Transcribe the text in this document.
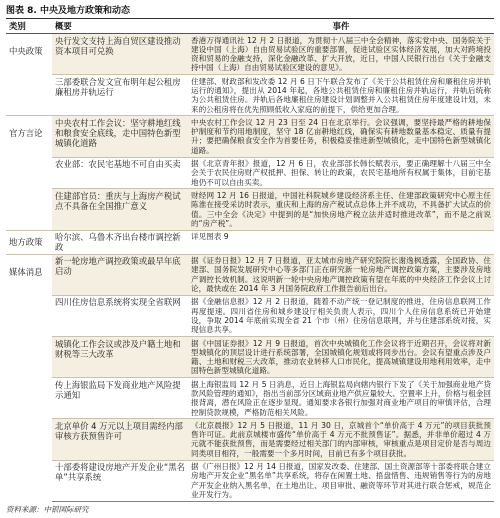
图表 8. 中央及地方政策和动态
类别	概要	事件
中央政策	央行发文支持上海自贸区建设推动资本项目可兑换	香港万得通讯社 12 月 2 日报道，为贯彻十八届三中全会精神，落实党中央、国务院关于建设中国（上海）自由贸易试验区的重要部署，促进试验区实体经济发展，加大对跨境投资和贸易的金融支持，深化金融改革、扩大开放，近日，中国人民银行出台《关于金融支持中国（上海）自由贸易试验区建设的意见》。
	三部委联合发文宣布明年起公租房廉租房并轨运行	住建部、财政部和发改委 12 月 6 日下午联合发布了《关于公共租赁住房和廉租住房并轨运行的通知》，提出从 2014 年起，各地公共租赁住房和廉租住房并轨运行，并轨后统称为公共租赁住房。并轨后各地廉租住房建设计划调整并入公共租赁住房年度建设计划，未来的公租房将在优先照顾低收入家庭的前提下，供给更加合理。
官方言论	中央农村工作会议：坚守耕地红线和粮食安全底线，走中国特色新型城镇化道路	中央农村工作会议 12 月 23 日至 24 日在北京举行。会议强调，要坚持最严格的耕地保护制度和节约用地制度，坚守 18 亿亩耕地红线，确保实有耕地数量基本稳定、质量有提升；要把确保粮食安全作为首要任务，积极稳妥推进新型城镇化，走中国特色新型城镇化道路。
	农业部：农民宅基地不可自由买卖	据《北京青年报》报道，12 月 6 日，农业部部长韩长赋表示，要正确理解十八届三中全会关于农民住房财产权抵押、担保、转让的政策，农民宅基地所有权属于集体，目前宅基地仍不可以自由买卖。
	住建部官员：重庆与上海房产税试点不具备在全国推广意义	财经网 12 月 16 日报道，中国社科院城乡建设经济系主任、住建部政策研究中心原主任陈淮在接受采访时表示，重庆和上海的房产税试点总体上并不成功，不具备扩大试点的价值。三中全会《决定》中提到的是“加快房地产税立法并适时推进改革”，而不是之前说的“房产税”。
地方政策	哈尔滨、乌鲁木齐出台楼市调控新政	详见图表 9
媒体消息	新一轮房地产调控政策或最早年底启动	据《证券日报》12 月 7 日报道，亚太城市房地产研究院院长谢逸枫透露，全国政协、住建部、国务院发展研究中心等多部门正在研究新一轮房地产调控政策方案，主要涉及房地产调控长效机制。这说明新一轮中央房地产调控政策有望在年底的中央经济工作会议上讨论，最快或在 2014 年 3 月国务院政府工作报告前后出台。
	四川住房信息系统将实现全省联网	据《金融信息报》12 月 2 日报道，随着不动产统一登记制度的推进，住房信息联网工作再度提速。四川省住房和城乡建设厅相关负责人表示，四川个人住房信息系统已开始建设，争取 2014 年底前实现全省 21 个市（州）住房信息联网，并与住建部系统对接，实现信息共享。
	城镇化工作会议或涉及户籍土地和财税等三大改革	据《中国证券报》12 月 9 日报道，首次中央城镇化工作会议将于近期召开，会议将对新型城镇化的顶层设计进行系统部署，全国城镇化规划或将同步出台。会议有望重点涉及户籍、土地和财税三大改革，推动农业转移人口市民化，提高城镇建设用地利用效率，走中国特色新型城镇化道路。
	传上海银监局下发商业地产风险提示通知	据上海银监局 12 月 5 日消息，近日上海银监局向辖内银行下发了《关于加强商业地产贷款风险管理的通知》，指出当前部分区域商业地产供应量较大、空置率上升，价格与租金回报背离，潜在风险正在逐步显现。通知要求各银行加强对商业地产项目的审慎评估，合理控制贷款规模，严格防范相关风险。
	北京单价 4 万元以上项目需经内部审核方获预售许可	《北京晨报》12 月 5 日报道，11 月 30 日，京城首个“单价高于 4 万元”的项目获批预售许可证。此前京城楼市盛传“单价高于 4 万元不批预售证”。据悉，并非单价超过 4 万元就不能获批预售，而是需要经过相关部门的内部审核，审核重点是项目定价是否与周边同类项目相符，一般需要一个多月时间，目前已有多个项目获批。
	十部委将建设房地产开发企业“黑名单”共享系统	据《广州日报》12 月 14 日报道，国家发改委、住建部、国土资源部等十部委将联合建立房地产开发企业“黑名单”共享系统，将存在闲置土地、捂盘惜售、违规销售等行为的房地产开发企业纳入黑名单，在土地出让、项目审批、融资等环节对其进行联合惩戒，规范企业开发行为。
资料来源：中银国际研究
